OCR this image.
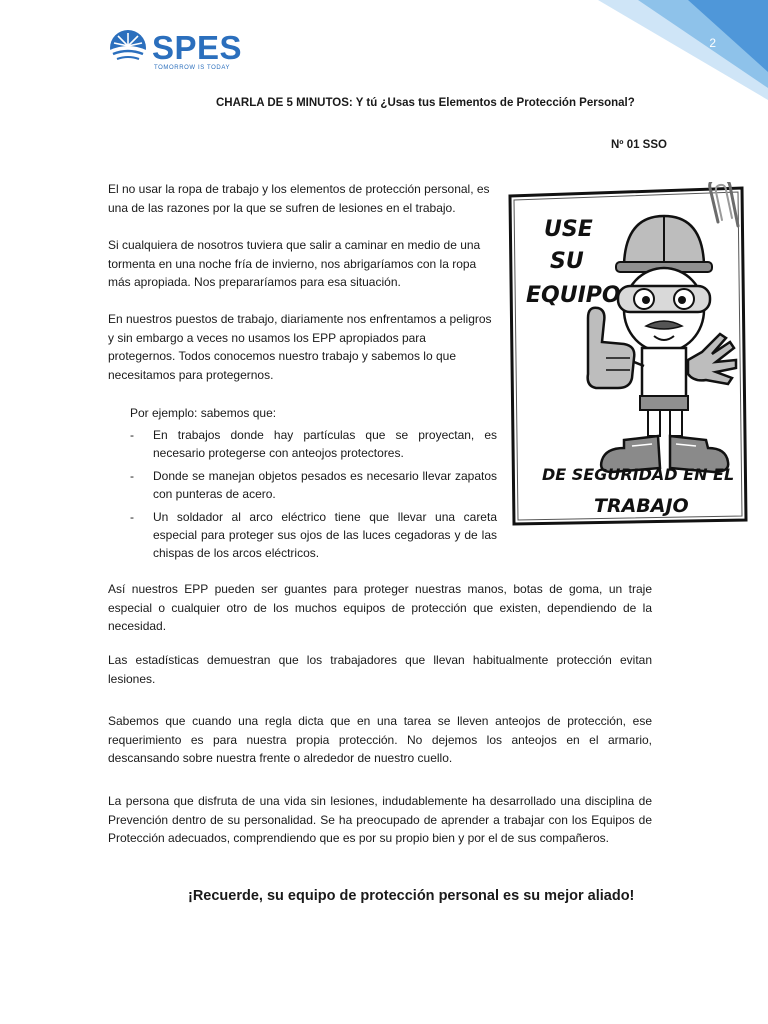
2
SPES
TOMORROW IS TODAY

CHARLA DE 5 MINUTOS: Y tú ¿Usas tus Elementos de Protección Personal?

Nº 01 SSO

El no usar la ropa de trabajo y los elementos de protección personal, es una de las razones por la que se sufren de lesiones en el trabajo.

Si cualquiera de nosotros tuviera que salir a caminar en medio de una tormenta en una noche fría de invierno, nos abrigaríamos con la ropa más apropiada. Nos prepararíamos para esa situación.

En nuestros puestos de trabajo, diariamente nos enfrentamos a peligros y sin embargo a veces no usamos los EPP apropiados para protegernos. Todos conocemos nuestro trabajo y sabemos lo que necesitamos para protegernos.

Por ejemplo: sabemos que:

- En trabajos donde hay partículas que se proyectan, es necesario protegerse con anteojos protectores.
- Donde se manejan objetos pesados es necesario llevar zapatos con punteras de acero.
- Un soldador al arco eléctrico tiene que llevar una careta especial para proteger sus ojos de las luces cegadoras y de las chispas de los arcos eléctricos.

Así nuestros EPP pueden ser guantes para proteger nuestras manos, botas de goma, un traje especial o cualquier otro de los muchos equipos de protección que existen, dependiendo de la necesidad.

Las estadísticas demuestran que los trabajadores que llevan habitualmente protección evitan lesiones.

Sabemos que cuando una regla dicta que en una tarea se lleven anteojos de protección, ese requerimiento es para nuestra propia protección. No dejemos los anteojos en el armario, descansando sobre nuestra frente o alrededor de nuestro cuello.

La persona que disfruta de una vida sin lesiones, indudablemente ha desarrollado una disciplina de Prevención dentro de su personalidad. Se ha preocupado de aprender a trabajar con los Equipos de Protección adecuados, comprendiendo que es por su propio bien y por el de sus compañeros.

¡Recuerde, su equipo de protección personal es su mejor aliado!

USE
SU
EQUIPO
DE SEGURIDAD EN EL
TRABAJO
